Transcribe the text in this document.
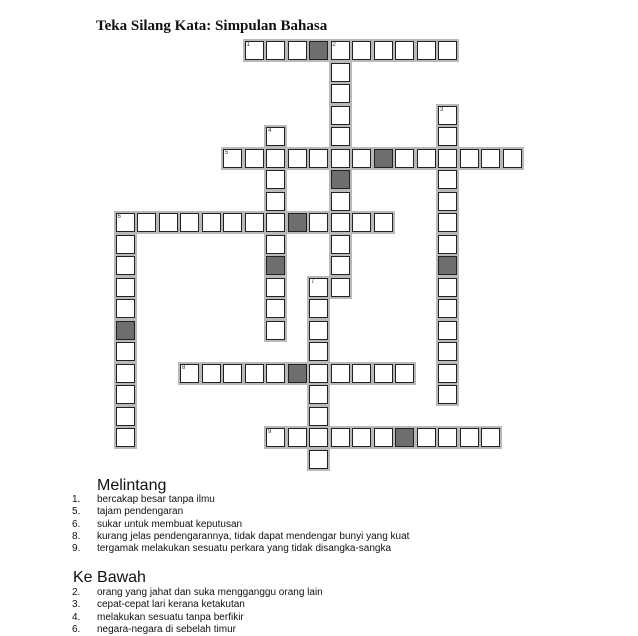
Teka Silang Kata: Simpulan Bahasa
1	2
3
4
5
6
7
8
9
Melintang
1. bercakap besar tanpa ilmu
5. tajam pendengaran
6. sukar untuk membuat keputusan
8. kurang jelas pendengarannya, tidak dapat mendengar bunyi yang kuat
9. tergamak melakukan sesuatu perkara yang tidak disangka-sangka
Ke Bawah
2. orang yang jahat dan suka mengganggu orang lain
3. cepat-cepat lari kerana ketakutan
4. melakukan sesuatu tanpa berfikir
6. negara-negara di sebelah timur
